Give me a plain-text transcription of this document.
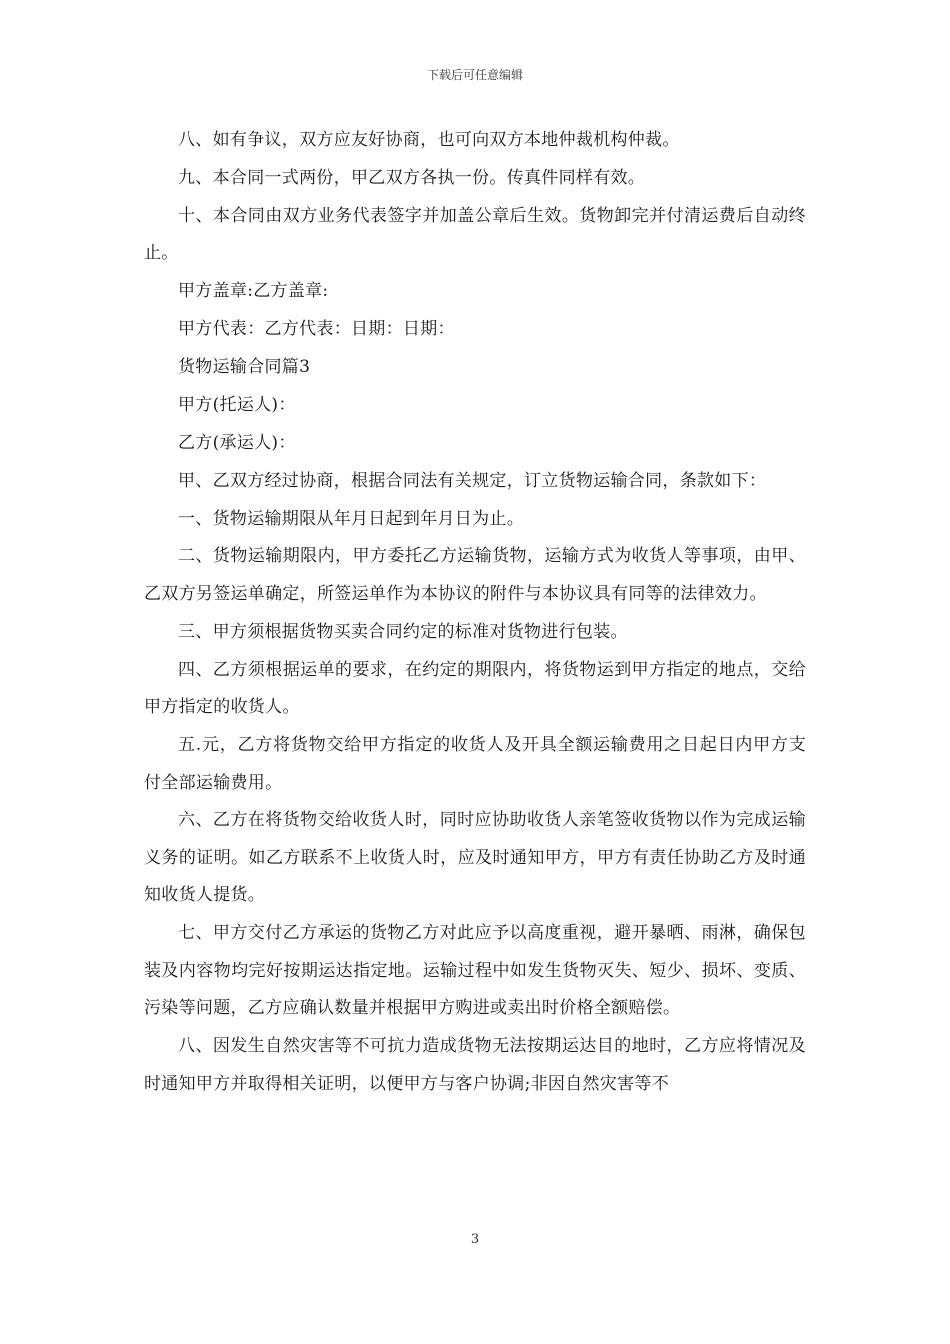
下载后可任意编辑

八、如有争议，双方应友好协商，也可向双方本地仲裁机构仲裁。

九、本合同一式两份，甲乙双方各执一份。传真件同样有效。

十、本合同由双方业务代表签字并加盖公章后生效。货物卸完并付清运费后自动终止。

甲方盖章:乙方盖章:

甲方代表：乙方代表：日期：日期：

货物运输合同篇3

甲方(托运人)：

乙方(承运人)：

甲、乙双方经过协商，根据合同法有关规定，订立货物运输合同，条款如下：

一、货物运输期限从年月日起到年月日为止。

二、货物运输期限内，甲方委托乙方运输货物，运输方式为收货人等事项，由甲、乙双方另签运单确定，所签运单作为本协议的附件与本协议具有同等的法律效力。

三、甲方须根据货物买卖合同约定的标准对货物进行包装。

四、乙方须根据运单的要求，在约定的期限内，将货物运到甲方指定的地点，交给甲方指定的收货人。

五.元，乙方将货物交给甲方指定的收货人及开具全额运输费用之日起日内甲方支付全部运输费用。

六、乙方在将货物交给收货人时，同时应协助收货人亲笔签收货物以作为完成运输义务的证明。如乙方联系不上收货人时，应及时通知甲方，甲方有责任协助乙方及时通知收货人提货。

七、甲方交付乙方承运的货物乙方对此应予以高度重视，避开暴晒、雨淋，确保包装及内容物均完好按期运达指定地。运输过程中如发生货物灭失、短少、损坏、变质、污染等问题，乙方应确认数量并根据甲方购进或卖出时价格全额赔偿。

八、因发生自然灾害等不可抗力造成货物无法按期运达目的地时，乙方应将情况及时通知甲方并取得相关证明，以便甲方与客户协调;非因自然灾害等不

3
